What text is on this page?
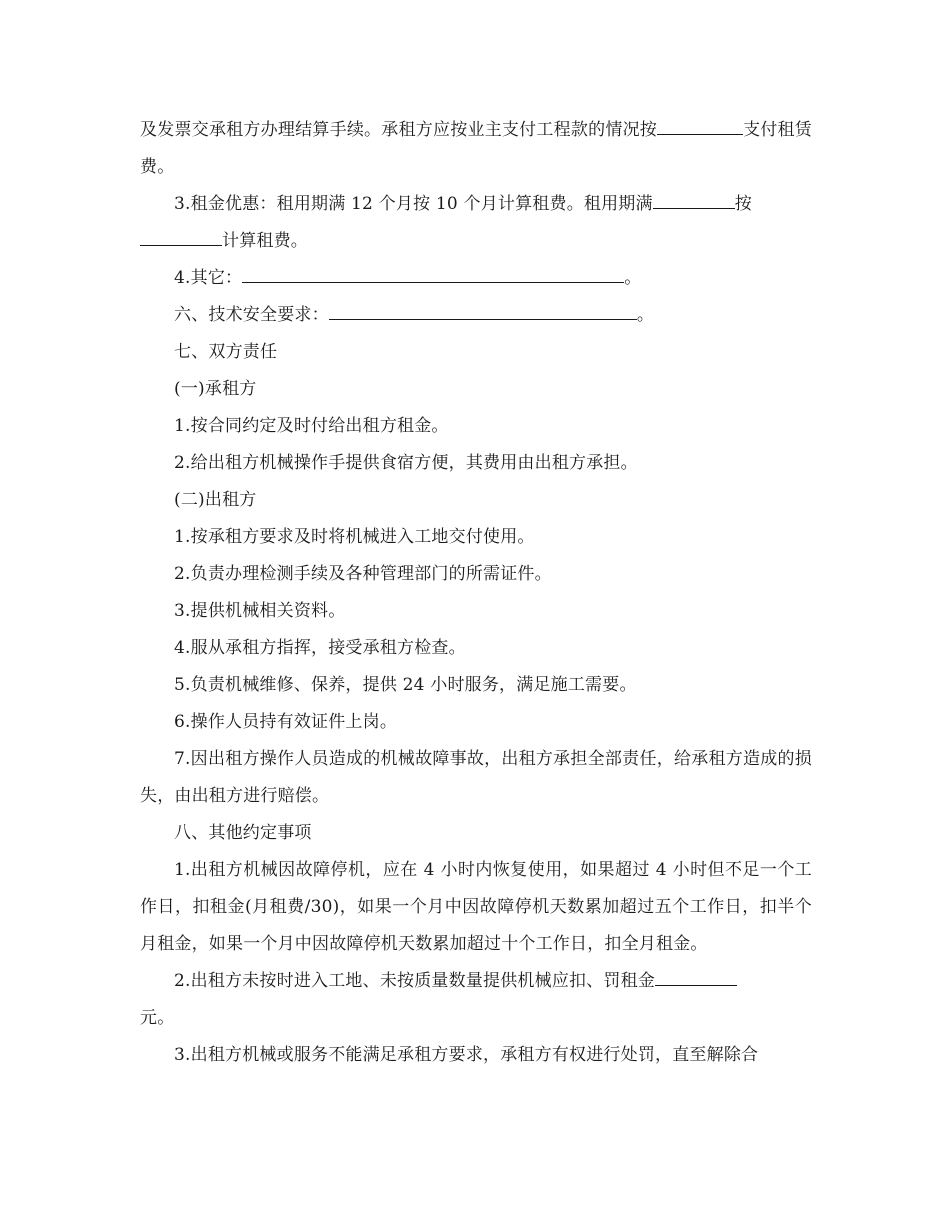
及发票交承租方办理结算手续。承租方应按业主支付工程款的情况按	支付租赁费。
3.租金优惠：租用期满 12 个月按 10 个月计算租费。租用期满	按
计算租费。
4.其它：	。
六、技术安全要求：	。
七、双方责任
(一)承租方
1.按合同约定及时付给出租方租金。
2.给出租方机械操作手提供食宿方便，其费用由出租方承担。
(二)出租方
1.按承租方要求及时将机械进入工地交付使用。
2.负责办理检测手续及各种管理部门的所需证件。
3.提供机械相关资料。
4.服从承租方指挥，接受承租方检查。
5.负责机械维修、保养，提供 24 小时服务，满足施工需要。
6.操作人员持有效证件上岗。
7.因出租方操作人员造成的机械故障事故，出租方承担全部责任，给承租方造成的损失，由出租方进行赔偿。
八、其他约定事项
1.出租方机械因故障停机，应在 4 小时内恢复使用，如果超过 4 小时但不足一个工作日，扣租金(月租费/30)，如果一个月中因故障停机天数累加超过五个工作日，扣半个月租金，如果一个月中因故障停机天数累加超过十个工作日，扣全月租金。
2.出租方未按时进入工地、未按质量数量提供机械应扣、罚租金
元。
3.出租方机械或服务不能满足承租方要求，承租方有权进行处罚，直至解除合
